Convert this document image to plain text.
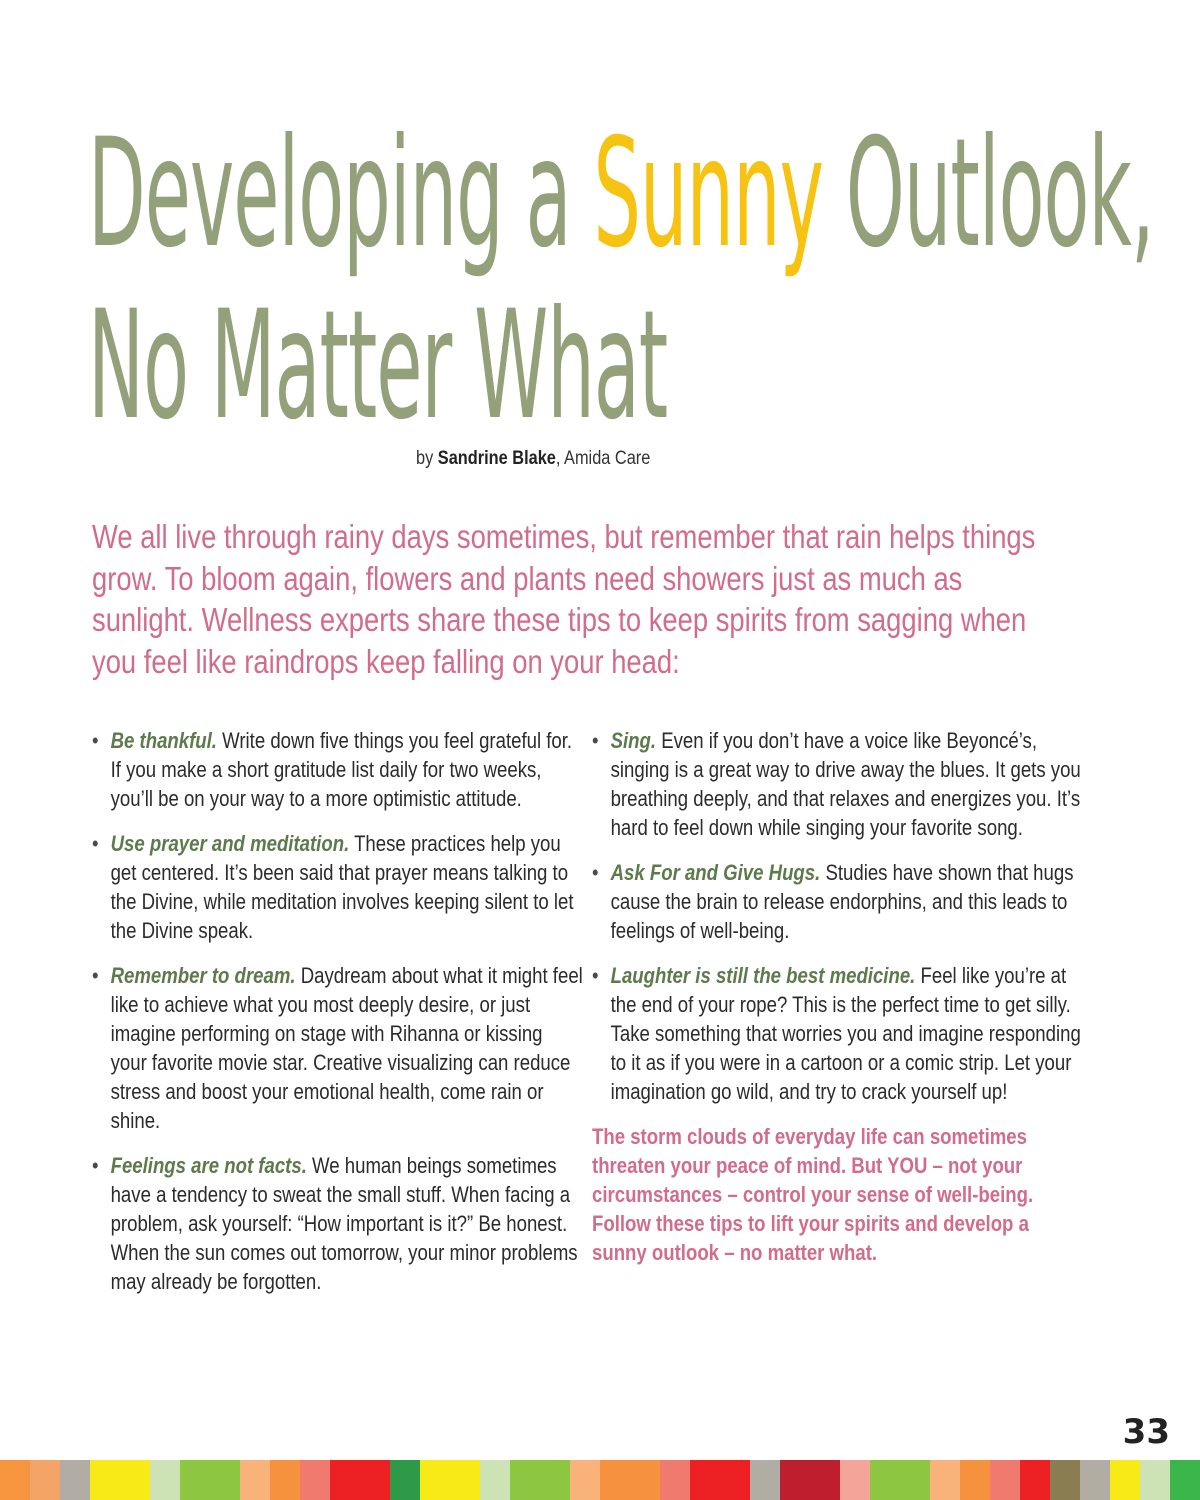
Developing a Sunny Outlook,
No Matter What
by Sandrine Blake, Amida Care

We all live through rainy days sometimes, but remember that rain helps things grow. To bloom again, flowers and plants need showers just as much as sunlight. Wellness experts share these tips to keep spirits from sagging when you feel like raindrops keep falling on your head:

• Be thankful. Write down five things you feel grateful for. If you make a short gratitude list daily for two weeks, you’ll be on your way to a more optimistic attitude.
• Use prayer and meditation. These practices help you get centered. It’s been said that prayer means talking to the Divine, while meditation involves keeping silent to let the Divine speak.
• Remember to dream. Daydream about what it might feel like to achieve what you most deeply desire, or just imagine performing on stage with Rihanna or kissing your favorite movie star. Creative visualizing can reduce stress and boost your emotional health, come rain or shine.
• Feelings are not facts. We human beings sometimes have a tendency to sweat the small stuff. When facing a problem, ask yourself: “How important is it?” Be honest. When the sun comes out tomorrow, your minor problems may already be forgotten.
• Sing. Even if you don’t have a voice like Beyoncé’s, singing is a great way to drive away the blues. It gets you breathing deeply, and that relaxes and energizes you. It’s hard to feel down while singing your favorite song.
• Ask For and Give Hugs. Studies have shown that hugs cause the brain to release endorphins, and this leads to feelings of well-being.
• Laughter is still the best medicine. Feel like you’re at the end of your rope? This is the perfect time to get silly. Take something that worries you and imagine responding to it as if you were in a cartoon or a comic strip. Let your imagination go wild, and try to crack yourself up!
The storm clouds of everyday life can sometimes threaten your peace of mind. But YOU – not your circumstances – control your sense of well-being. Follow these tips to lift your spirits and develop a sunny outlook – no matter what.
33
